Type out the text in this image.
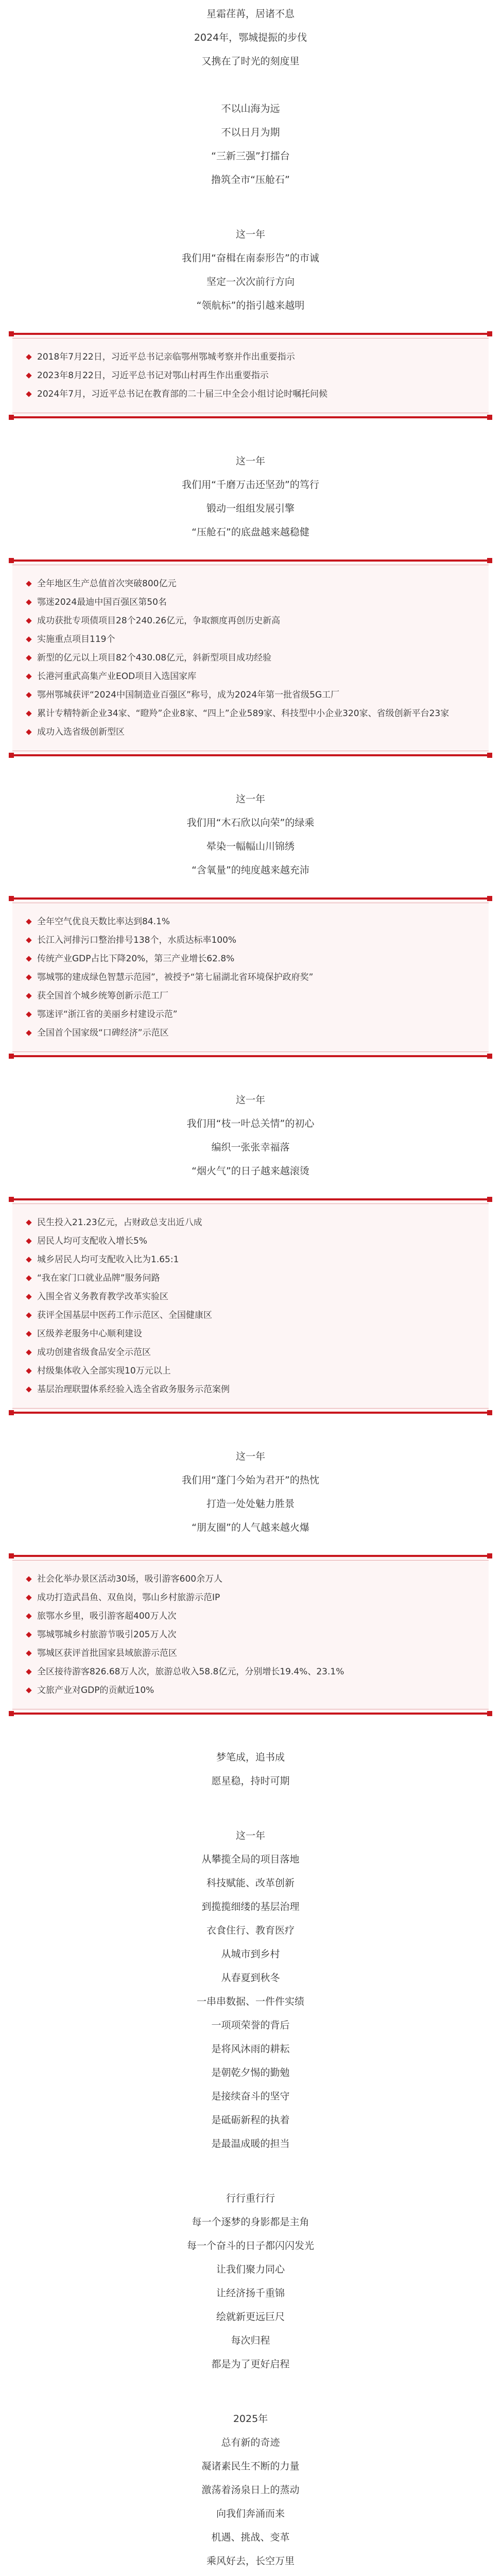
星霜荏苒，居诸不息

2024年，鄂城提振的步伐

又携在了时光的刻度里

不以山海为远

不以日月为期

“三新三强”打擂台

撸筑全市“压舱石”

这一年

我们用“奋楫在南泰形告”的市诚

坚定一次次前行方向

“领航标”的指引越来越明

2018年7月22日，习近平总书记亲临鄂州鄂城考察并作出重要指示
2023年8月22日，习近平总书记对鄂山村再生作出重要指示
2024年7月，习近平总书记在教育部的二十届三中全会小组讨论时嘱托问候

这一年

我们用“千磨万击还坚劲”的笃行

锻动一组组发展引擎

“压舱石”的底盘越来越稳健

全年地区生产总值首次突破800亿元
鄂迷2024最迪中国百强区第50名
成功获批专项债项目28个240.26亿元，争取额度再创历史新高
实施重点项目119个
新型的亿元以上项目82个430.08亿元，斜新型项目成功经验
长港河重武高集产业EOD项目入选国家库
鄂州鄂城获评“2024中国制造业百强区”称号，成为2024年第一批省级5G工厂
累计专精特新企业34家、“瞪羚”企业8家、“四上”企业589家、科技型中小企业320家、省级创新平台23家
成功入选省级创新型区

这一年

我们用“木石欣以向荣”的绿乘

晕染一幅幅山川锦绣

“含氧量”的纯度越来越充沛

全年空气优良天数比率达到84.1%
长江入河排污口整治排号138个，水质达标率100%
传统产业GDP占比下降20%，第三产业增长62.8%
鄂城鄂的建成绿色智慧示范园”，被授予“第七届湖北省环境保护政府奖”
获全国首个城乡统筹创新示范工厂
鄂迷评“浙江省的美丽乡村建设示范”
全国首个国家级“口碑经济”示范区

这一年

我们用“枝一叶总关情”的初心

编织一张张幸福落

“烟火气”的日子越来越滚烫

民生投入21.23亿元，占财政总支出近八成
居民人均可支配收入增长5%
城乡居民人均可支配收入比为1.65:1
“我在家门口就业品牌”服务问路
入围全省义务教育教学改革实验区
获评全国基层中医药工作示范区、全国健康区
区级养老服务中心顺利建设
成功创建省级食品安全示范区
村级集体收入全部实现10万元以上
基层治理联盟体系经验入选全省政务服务示范案例

这一年

我们用“蓬门今始为君开”的热忱

打造一处处魅力胜景

“朋友圈”的人气越来越火爆

社会化举办景区活动30场，吸引游客600余万人
成功打造武昌鱼、双鱼岗，鄂山乡村旅游示范IP
旅鄂水乡里，吸引游客超400万人次
鄂城鄂城乡村旅游节吸引205万人次
鄂城区获评首批国家县域旅游示范区
全区接待游客826.68万人次，旅游总收入58.8亿元，分别增长19.4%、23.1%
文旅产业对GDP的贡献近10%

梦笔成，追书成

愿星稳，持时可期

这一年

从攀揽全局的项目落地

科技赋能、改革创新

到揽揽细缕的基层治理

衣食住行、教育医疗

从城市到乡村

从春夏到秋冬

一串串数据、一件件实绩

一项项荣誉的背后

是将风沐雨的耕耘

是朝乾夕惕的勤勉

是接续奋斗的坚守

是砥砺新程的执着

是最温成暖的担当

行行重行行

每一个逐梦的身影都是主角

每一个奋斗的日子都闪闪发光

让我们聚力同心

让经济扬千重锦

绘就新更远巨尺

每次归程

都是为了更好启程

2025年

总有新的奇迹

凝诸素民生不断的力量

激荡着汤泉日上的蒸动

向我们奔涌而来

机遇、挑战、变革

乘风好去，长空万里
